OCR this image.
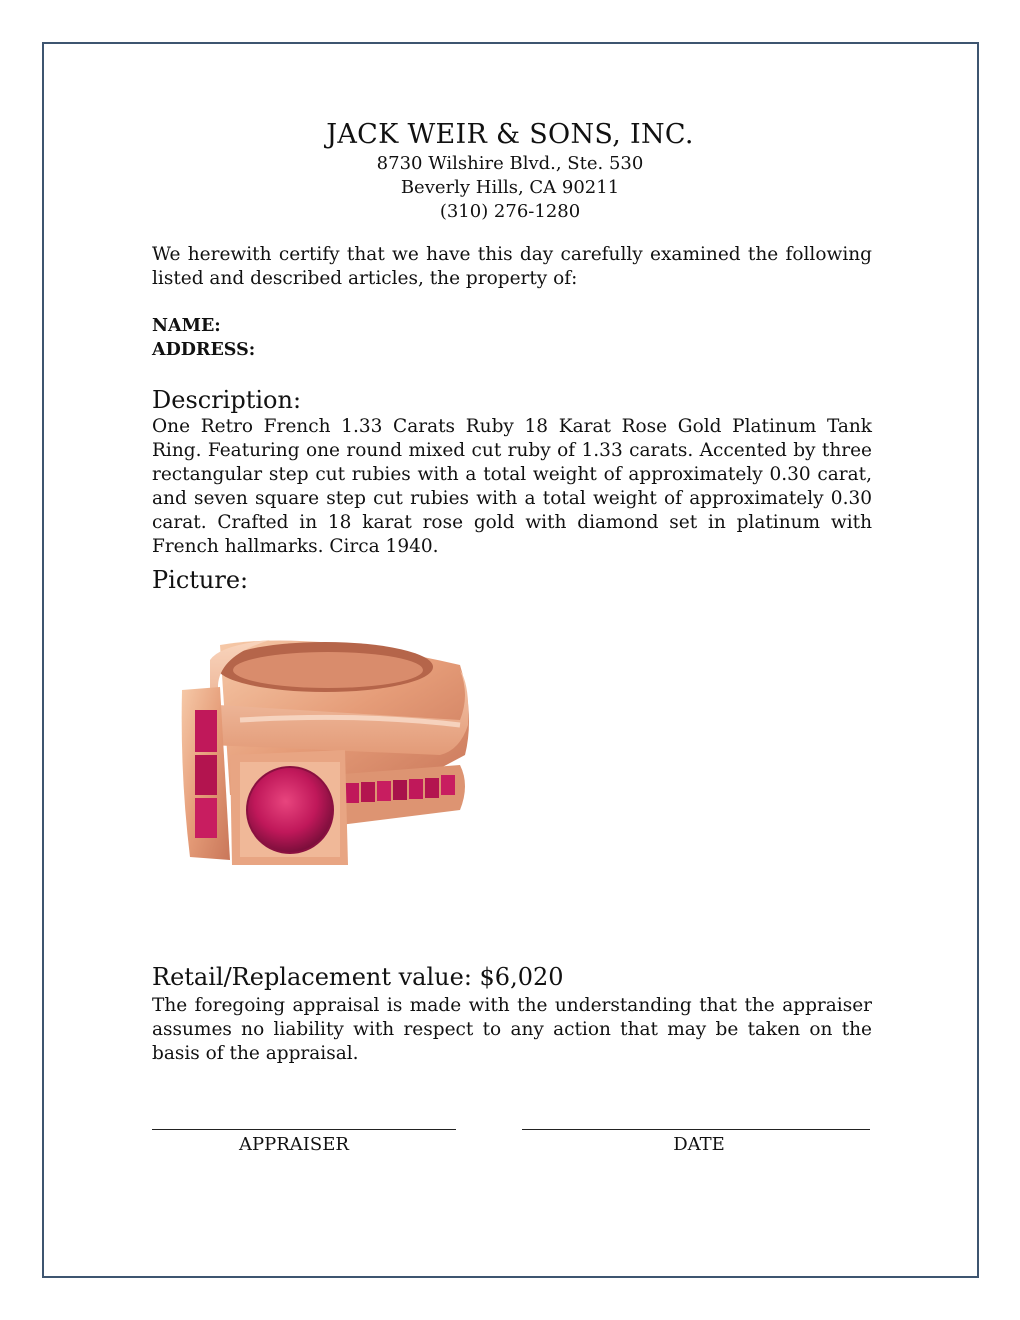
JACK WEIR & SONS, INC.
8730 Wilshire Blvd., Ste. 530
Beverly Hills, CA 90211
(310) 276-1280
We herewith certify that we have this day carefully examined the following listed and described articles, the property of:
NAME:
ADDRESS:
Description:
One Retro French 1.33 Carats Ruby 18 Karat Rose Gold Platinum Tank Ring. Featuring one round mixed cut ruby of 1.33 carats. Accented by three rectangular step cut rubies with a total weight of approximately 0.30 carat, and seven square step cut rubies with a total weight of approximately 0.30 carat. Crafted in 18 karat rose gold with diamond set in platinum with French hallmarks. Circa 1940.
Picture:
Retail/Replacement value: $6,020
The foregoing appraisal is made with the understanding that the appraiser assumes no liability with respect to any action that may be taken on the basis of the appraisal.
APPRAISER	DATE
